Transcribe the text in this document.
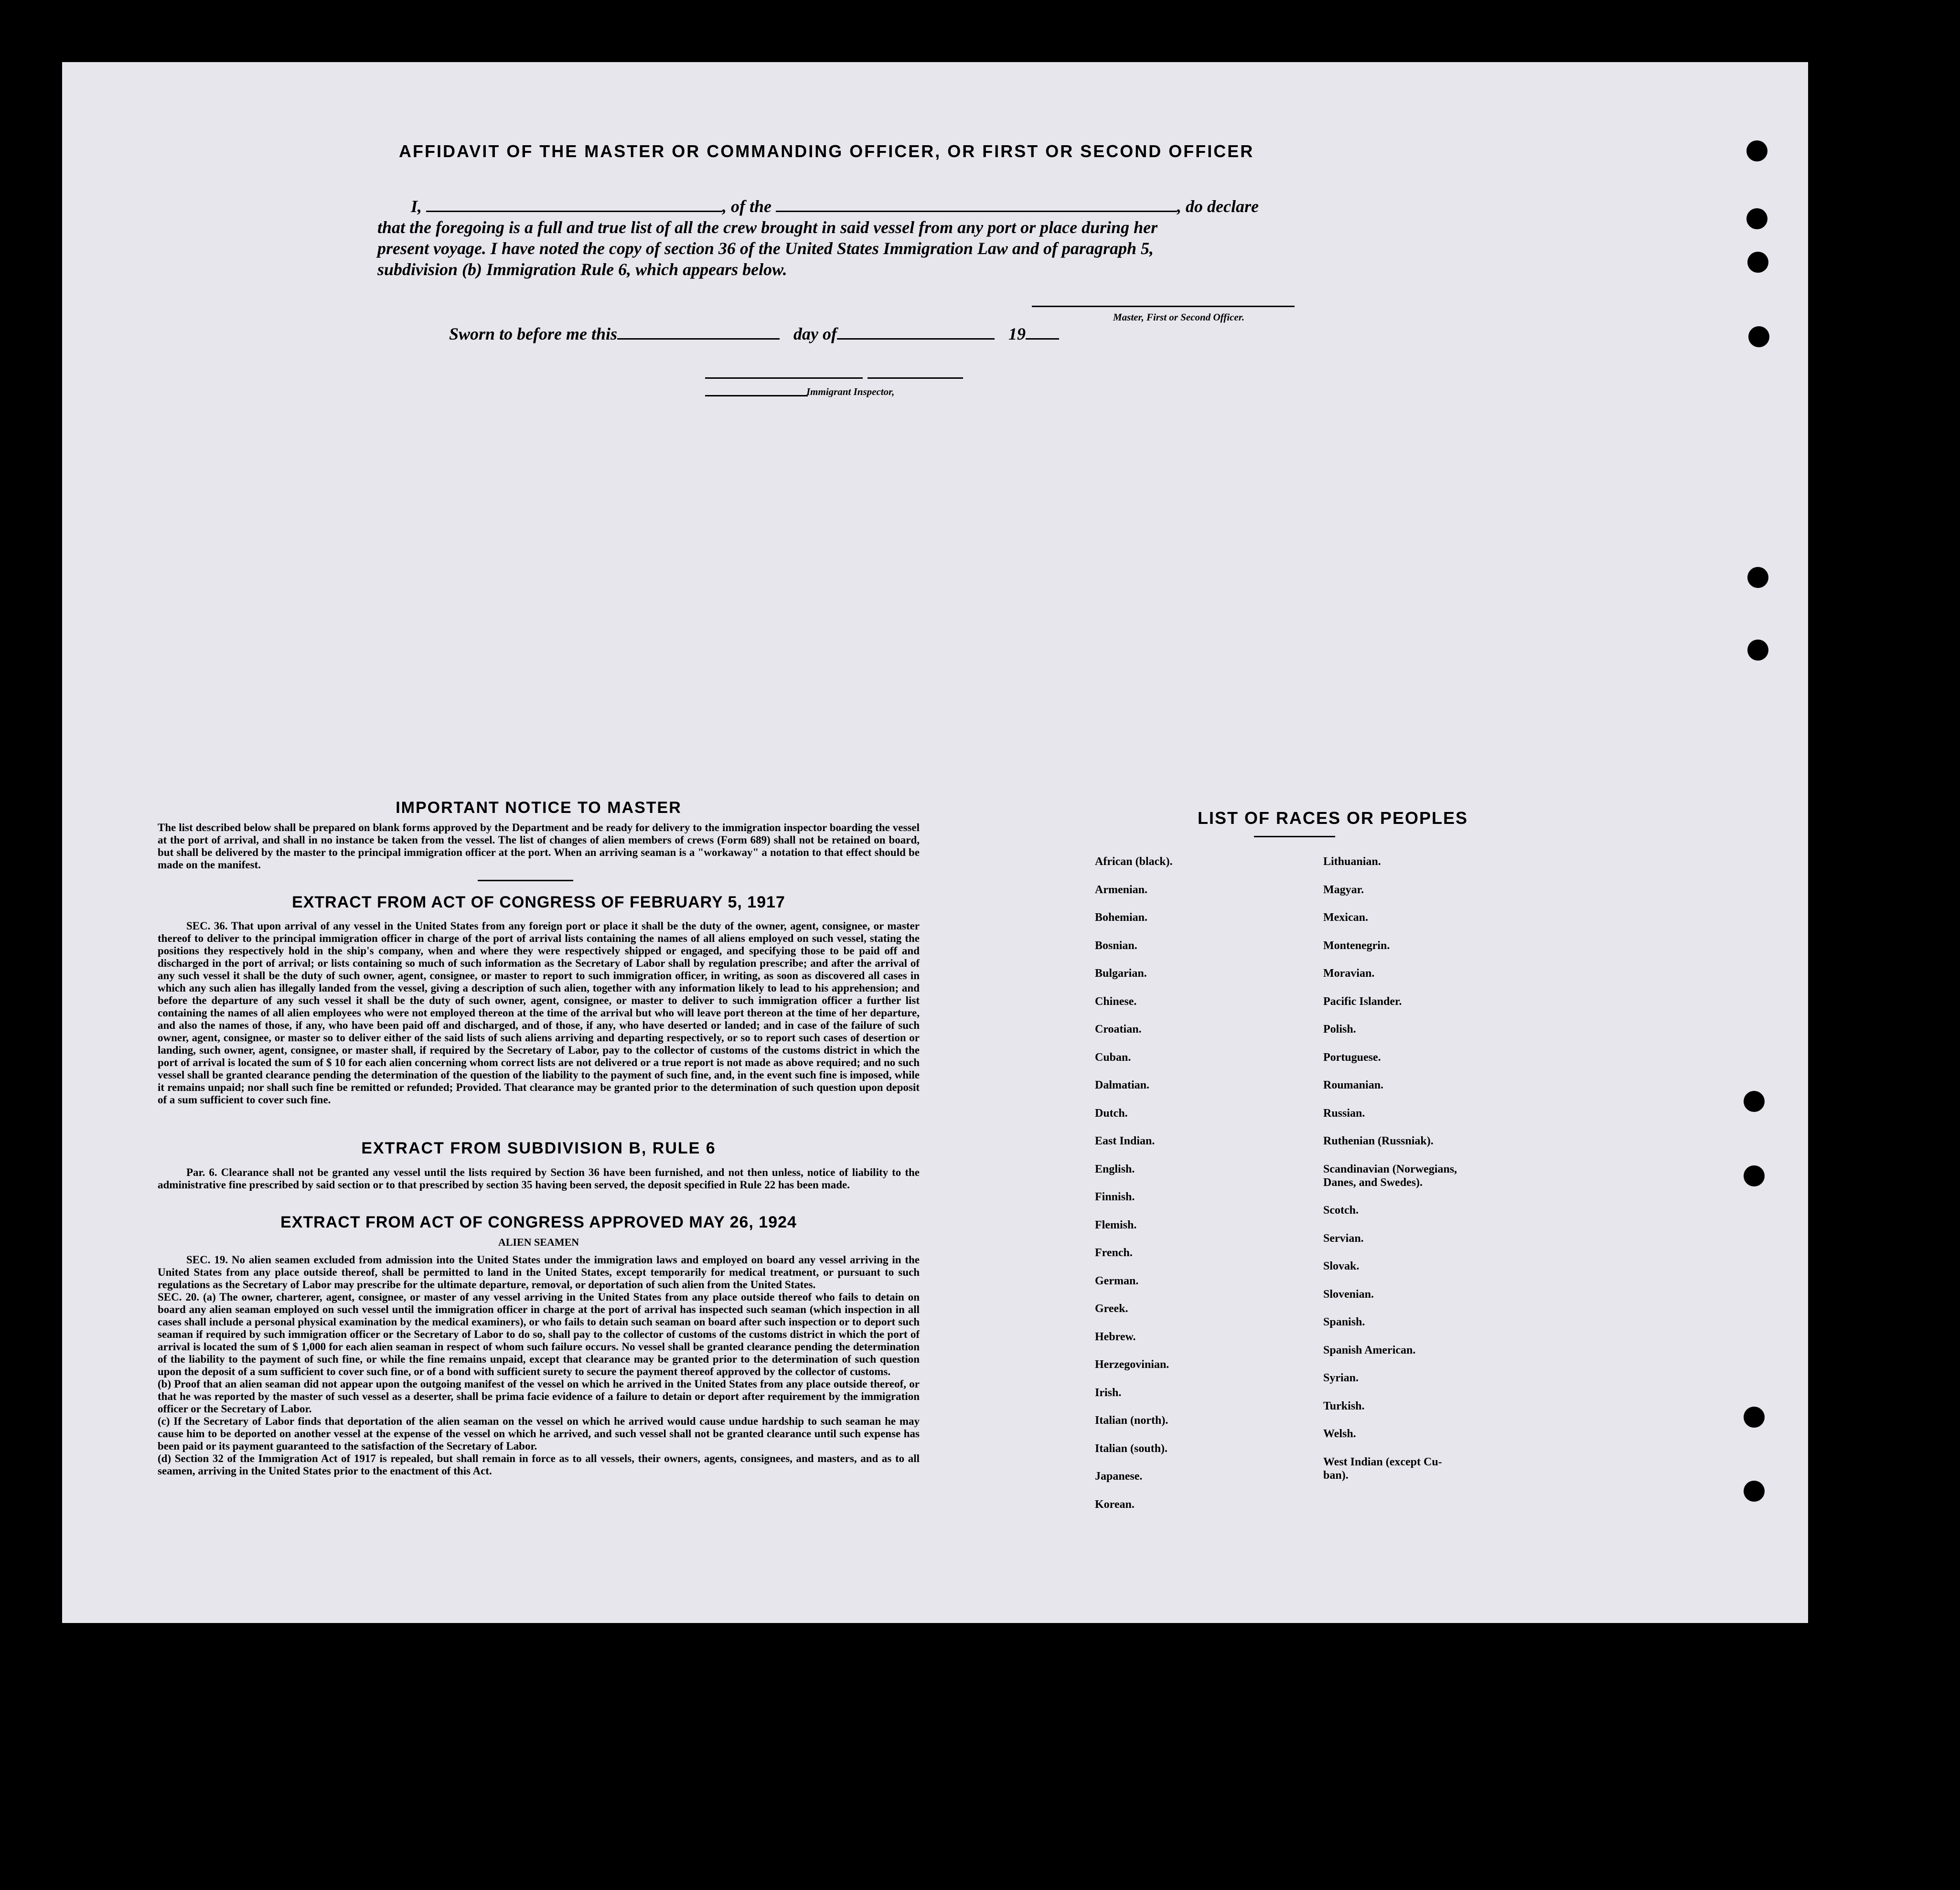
AFFIDAVIT OF THE MASTER OR COMMANDING OFFICER, OR FIRST OR SECOND OFFICER
I,	, of the	, do declare
that the foregoing is a full and true list of all the crew brought in said vessel from any port or place during her
present voyage. I have noted the copy of section 36 of the United States Immigration Law and of paragraph 5,
subdivision (b) Immigration Rule 6, which appears below.
Master, First or Second Officer.
Sworn to before me this	day of	19
Immigrant Inspector,
IMPORTANT NOTICE TO MASTER
The list described below shall be prepared on blank forms approved by the Department and be ready for delivery to the immigration inspector boarding the vessel at the port of arrival, and shall in no instance be taken from the vessel. The list of changes of alien members of crews (Form 689) shall not be retained on board, but shall be delivered by the master to the principal immigration officer at the port. When an arriving seaman is a "workaway" a notation to that effect should be made on the manifest.
EXTRACT FROM ACT OF CONGRESS OF FEBRUARY 5, 1917
SEC. 36. That upon arrival of any vessel in the United States from any foreign port or place it shall be the duty of the owner, agent, consignee, or master thereof to deliver to the principal immigration officer in charge of the port of arrival lists containing the names of all aliens employed on such vessel, stating the positions they respectively hold in the ship's company, when and where they were respectively shipped or engaged, and specifying those to be paid off and discharged in the port of arrival; or lists containing so much of such information as the Secretary of Labor shall by regulation prescribe; and after the arrival of any such vessel it shall be the duty of such owner, agent, consignee, or master to report to such immigration officer, in writing, as soon as discovered all cases in which any such alien has illegally landed from the vessel, giving a description of such alien, together with any information likely to lead to his apprehension; and before the departure of any such vessel it shall be the duty of such owner, agent, consignee, or master to deliver to such immigration officer a further list containing the names of all alien employees who were not employed thereon at the time of the arrival but who will leave port thereon at the time of her departure, and also the names of those, if any, who have been paid off and discharged, and of those, if any, who have deserted or landed; and in case of the failure of such owner, agent, consignee, or master so to deliver either of the said lists of such aliens arriving and departing respectively, or so to report such cases of desertion or landing, such owner, agent, consignee, or master shall, if required by the Secretary of Labor, pay to the collector of customs of the customs district in which the port of arrival is located the sum of $ 10 for each alien concerning whom correct lists are not delivered or a true report is not made as above required; and no such vessel shall be granted clearance pending the determination of the question of the liability to the payment of such fine, and, in the event such fine is imposed, while it remains unpaid; nor shall such fine be remitted or refunded; Provided. That clearance may be granted prior to the determination of such question upon deposit of a sum sufficient to cover such fine.
EXTRACT FROM SUBDIVISION B, RULE 6
Par. 6. Clearance shall not be granted any vessel until the lists required by Section 36 have been furnished, and not then unless, notice of liability to the administrative fine prescribed by said section or to that prescribed by section 35 having been served, the deposit specified in Rule 22 has been made.
EXTRACT FROM ACT OF CONGRESS APPROVED MAY 26, 1924
ALIEN SEAMEN
SEC. 19. No alien seamen excluded from admission into the United States under the immigration laws and employed on board any vessel arriving in the United States from any place outside thereof, shall be permitted to land in the United States, except temporarily for medical treatment, or pursuant to such regulations as the Secretary of Labor may prescribe for the ultimate departure, removal, or deportation of such alien from the United States.
SEC. 20. (a) The owner, charterer, agent, consignee, or master of any vessel arriving in the United States from any place outside thereof who fails to detain on board any alien seaman employed on such vessel until the immigration officer in charge at the port of arrival has inspected such seaman (which inspection in all cases shall include a personal physical examination by the medical examiners), or who fails to detain such seaman on board after such inspection or to deport such seaman if required by such immigration officer or the Secretary of Labor to do so, shall pay to the collector of customs of the customs district in which the port of arrival is located the sum of $ 1,000 for each alien seaman in respect of whom such failure occurs. No vessel shall be granted clearance pending the determination of the liability to the payment of such fine, or while the fine remains unpaid, except that clearance may be granted prior to the determination of such question upon the deposit of a sum sufficient to cover such fine, or of a bond with sufficient surety to secure the payment thereof approved by the collector of customs.
(b) Proof that an alien seaman did not appear upon the outgoing manifest of the vessel on which he arrived in the United States from any place outside thereof, or that he was reported by the master of such vessel as a deserter, shall be prima facie evidence of a failure to detain or deport after requirement by the immigration officer or the Secretary of Labor.
(c) If the Secretary of Labor finds that deportation of the alien seaman on the vessel on which he arrived would cause undue hardship to such seaman he may cause him to be deported on another vessel at the expense of the vessel on which he arrived, and such vessel shall not be granted clearance until such expense has been paid or its payment guaranteed to the satisfaction of the Secretary of Labor.
(d) Section 32 of the Immigration Act of 1917 is repealed, but shall remain in force as to all vessels, their owners, agents, consignees, and masters, and as to all seamen, arriving in the United States prior to the enactment of this Act.
LIST OF RACES OR PEOPLES
African (black).
Armenian.
Bohemian.
Bosnian.
Bulgarian.
Chinese.
Croatian.
Cuban.
Dalmatian.
Dutch.
East Indian.
English.
Finnish.
Flemish.
French.
German.
Greek.
Hebrew.
Herzegovinian.
Irish.
Italian (north).
Italian (south).
Japanese.
Korean.
Lithuanian.
Magyar.
Mexican.
Montenegrin.
Moravian.
Pacific Islander.
Polish.
Portuguese.
Roumanian.
Russian.
Ruthenian (Russniak).
Scandinavian (Norwegians,
Danes, and Swedes).
Scotch.
Servian.
Slovak.
Slovenian.
Spanish.
Spanish American.
Syrian.
Turkish.
Welsh.
West Indian (except Cu-
ban).
